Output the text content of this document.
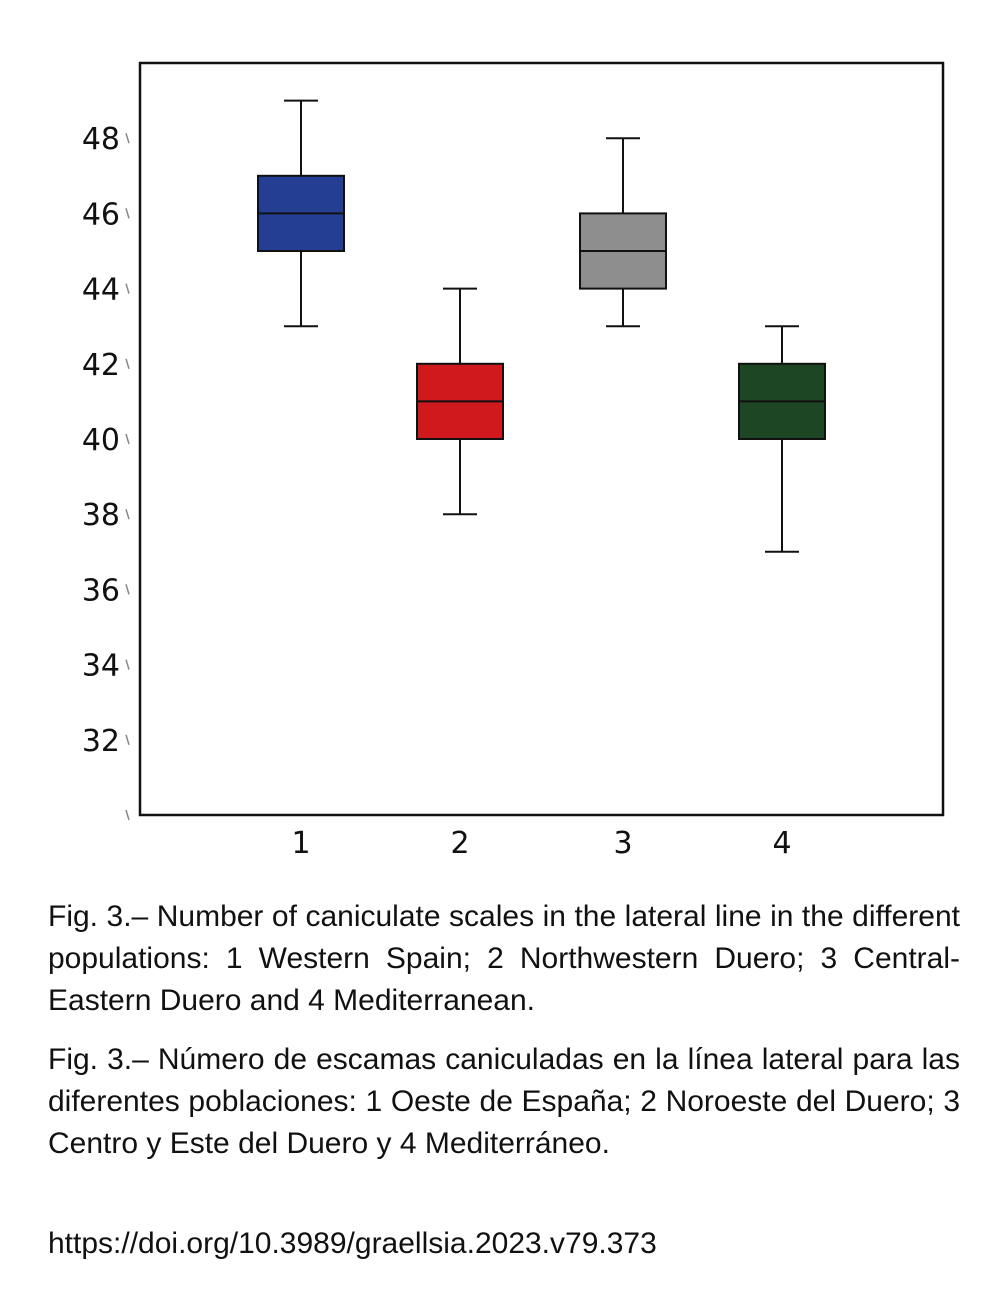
32
34
36
38
40
42
44
46
48
1	2	3	4

Fig. 3.– Number of caniculate scales in the lateral line in the different populations: 1 Western Spain; 2 Northwestern Duero; 3 Central-Eastern Duero and 4 Mediterranean.

Fig. 3.– Número de escamas caniculadas en la línea lateral para las diferentes poblaciones: 1 Oeste de España; 2 Noroeste del Duero; 3 Centro y Este del Duero y 4 Mediterráneo.

https://doi.org/10.3989/graellsia.2023.v79.373
